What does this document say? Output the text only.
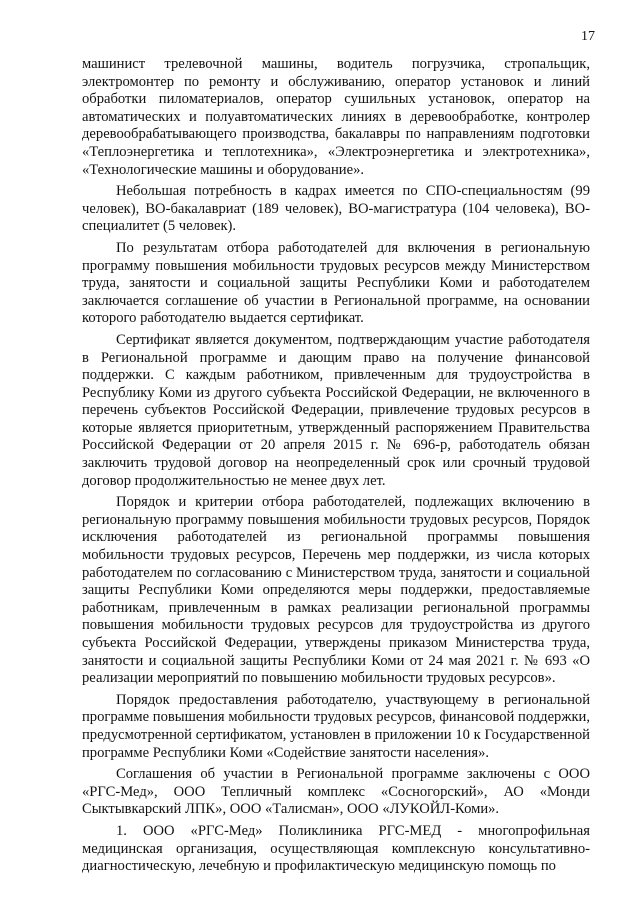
17

машинист трелевочной машины, водитель погрузчика, стропальщик, электромонтер по ремонту и обслуживанию, оператор установок и линий обработки пиломатериалов, оператор сушильных установок, оператор на автоматических и полуавтоматических линиях в деревообработке, контролер деревообрабатывающего производства, бакалавры по направлениям подготовки «Теплоэнергетика и теплотехника», «Электроэнергетика и электротехника», «Технологические машины и оборудование».

Небольшая потребность в кадрах имеется по СПО-специальностям (99 человек), ВО-бакалавриат (189 человек), ВО-магистратура (104 человека), ВО-специалитет (5 человек).

По результатам отбора работодателей для включения в региональную программу повышения мобильности трудовых ресурсов между Министерством труда, занятости и социальной защиты Республики Коми и работодателем заключается соглашение об участии в Региональной программе, на основании которого работодателю выдается сертификат.

Сертификат является документом, подтверждающим участие работодателя в Региональной программе и дающим право на получение финансовой поддержки. С каждым работником, привлеченным для трудоустройства в Республику Коми из другого субъекта Российской Федерации, не включенного в перечень субъектов Российской Федерации, привлечение трудовых ресурсов в которые является приоритетным, утвержденный распоряжением Правительства Российской Федерации от 20 апреля 2015 г. № 696-р, работодатель обязан заключить трудовой договор на неопределенный срок или срочный трудовой договор продолжительностью не менее двух лет.

Порядок и критерии отбора работодателей, подлежащих включению в региональную программу повышения мобильности трудовых ресурсов, Порядок исключения работодателей из региональной программы повышения мобильности трудовых ресурсов, Перечень мер поддержки, из числа которых работодателем по согласованию с Министерством труда, занятости и социальной защиты Республики Коми определяются меры поддержки, предоставляемые работникам, привлеченным в рамках реализации региональной программы повышения мобильности трудовых ресурсов для трудоустройства из другого субъекта Российской Федерации, утверждены приказом Министерства труда, занятости и социальной защиты Республики Коми от 24 мая 2021 г. № 693 «О реализации мероприятий по повышению мобильности трудовых ресурсов».

Порядок предоставления работодателю, участвующему в региональной программе повышения мобильности трудовых ресурсов, финансовой поддержки, предусмотренной сертификатом, установлен в приложении 10 к Государственной программе Республики Коми «Содействие занятости населения».

Соглашения об участии в Региональной программе заключены с ООО «РГС-Мед», ООО Тепличный комплекс «Сосногорский», АО «Монди Сыктывкарский ЛПК», ООО «Талисман», ООО «ЛУКОЙЛ-Коми».

1. ООО «РГС-Мед» Поликлиника РГС-МЕД - многопрофильная медицинская организация, осуществляющая комплексную консультативно-диагностическую, лечебную и профилактическую медицинскую помощь по
